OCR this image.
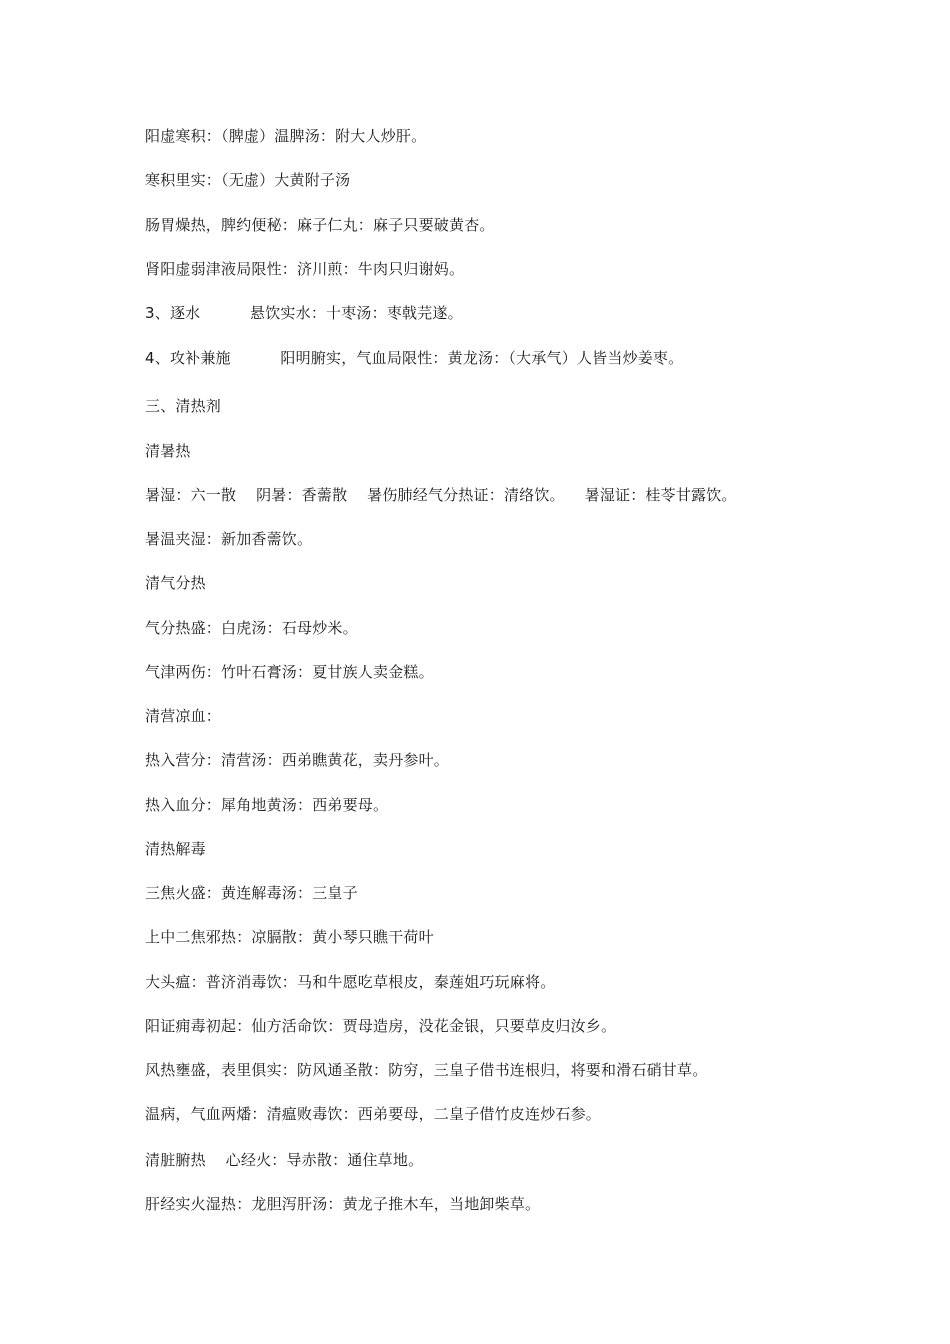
阳虚寒积：（脾虚）温脾汤：附大人炒肝。
寒积里实：（无虚）大黄附子汤
肠胃燥热，脾约便秘：麻子仁丸：麻子只要破黄杏。
肾阳虚弱津液局限性：济川煎：牛肉只归谢妈。
3、逐水          悬饮实水：十枣汤：枣戟芫遂。
4、攻补兼施          阳明腑实，气血局限性：黄龙汤：（大承气）人皆当炒姜枣。
三、清热剂
清暑热
暑湿：六一散    阴暑：香薷散    暑伤肺经气分热证：清络饮。    暑湿证：桂苓甘露饮。
暑温夹湿：新加香薷饮。
清气分热
气分热盛：白虎汤：石母炒米。
气津两伤：竹叶石膏汤：夏甘族人卖金糕。
清营凉血：
热入营分：清营汤：西弟瞧黄花，卖丹参叶。
热入血分：犀角地黄汤：西弟要母。
清热解毒
三焦火盛：黄连解毒汤：三皇子
上中二焦邪热：凉膈散：黄小琴只瞧干荷叶
大头瘟：普济消毒饮：马和牛愿吃草根皮，秦莲姐巧玩麻将。
阳证痈毒初起：仙方活命饮：贾母造房，没花金银，只要草皮归汝乡。
风热壅盛，表里俱实：防风通圣散：防穷，三皇子借书连根归，将要和滑石硝甘草。
温病，气血两燔：清瘟败毒饮：西弟要母，二皇子借竹皮连炒石参。
清脏腑热    心经火：导赤散：通住草地。
肝经实火湿热：龙胆泻肝汤：黄龙子推木车，当地卸柴草。
